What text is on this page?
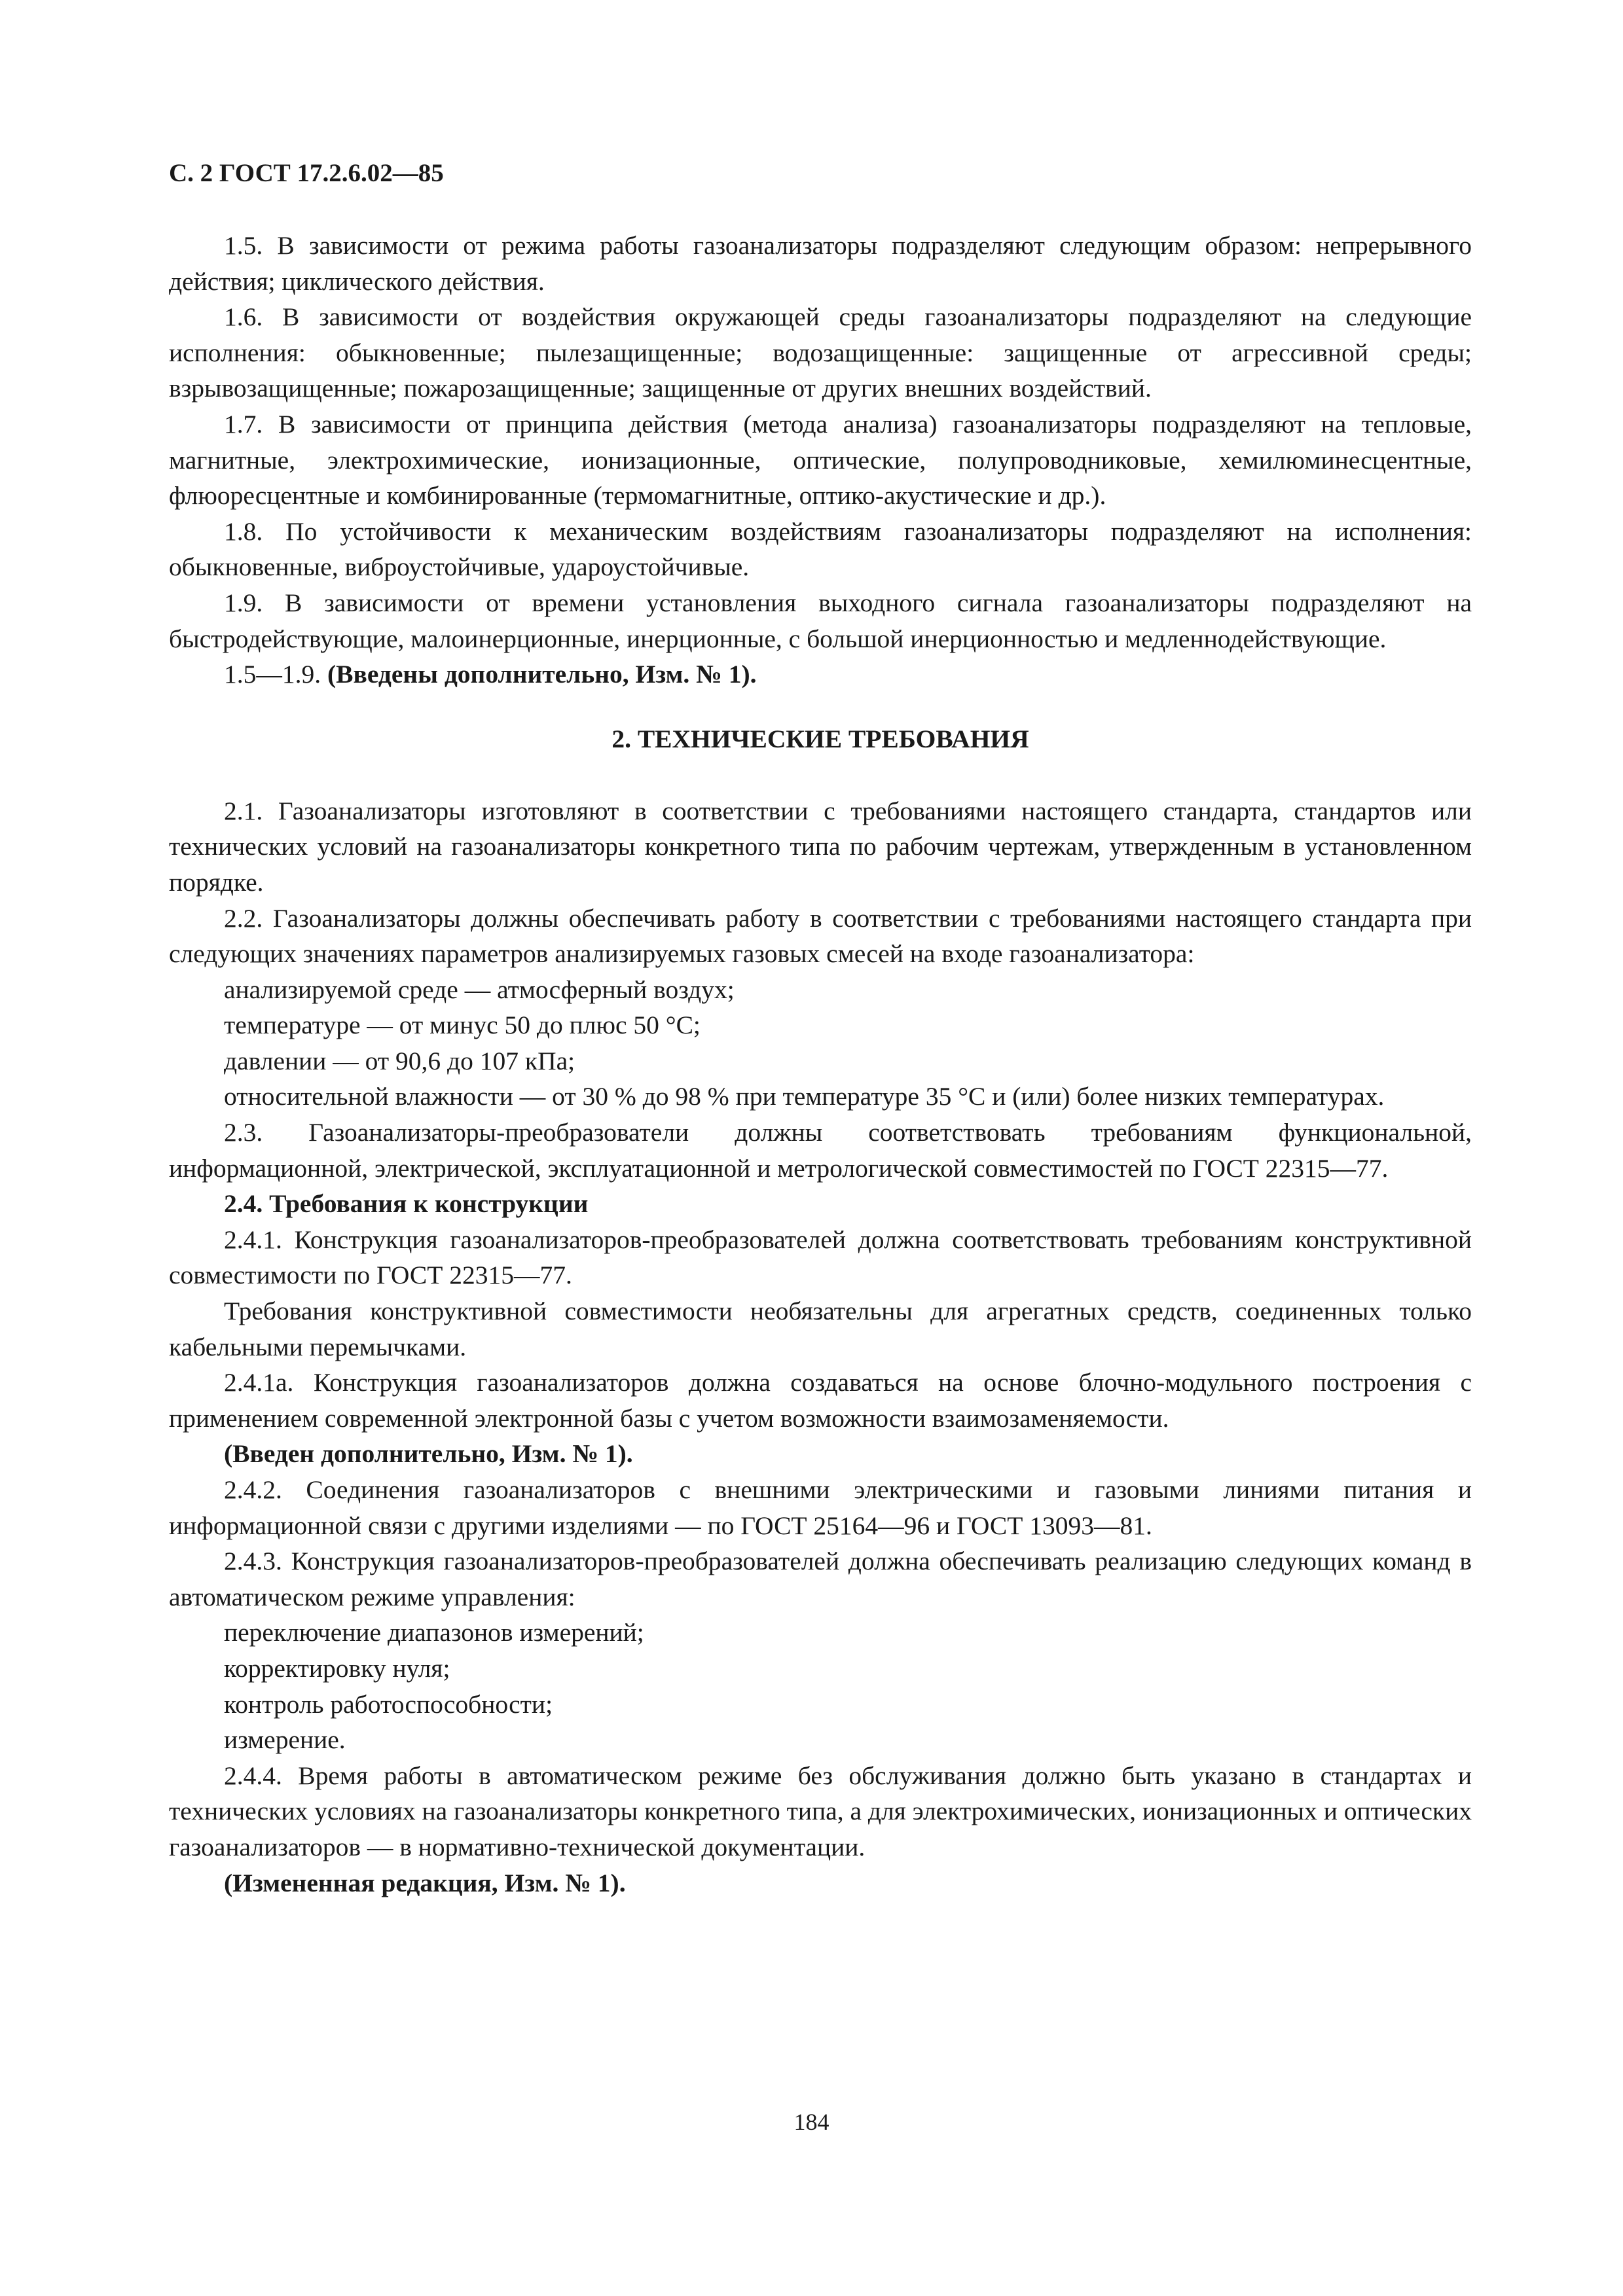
С. 2 ГОСТ 17.2.6.02—85

1.5. В зависимости от режима работы газоанализаторы подразделяют следующим образом: непрерывного действия; циклического действия.

1.6. В зависимости от воздействия окружающей среды газоанализаторы подразделяют на следующие исполнения: обыкновенные; пылезащищенные; водозащищенные: защищенные от агрессивной среды; взрывозащищенные; пожарозащищенные; защищенные от других внешних воздействий.

1.7. В зависимости от принципа действия (метода анализа) газоанализаторы подразделяют на тепловые, магнитные, электрохимические, ионизационные, оптические, полупроводниковые, хемилюминесцентные, флюоресцентные и комбинированные (термомагнитные, оптико-акустические и др.).

1.8. По устойчивости к механическим воздействиям газоанализаторы подразделяют на исполнения: обыкновенные, виброустойчивые, удароустойчивые.

1.9. В зависимости от времени установления выходного сигнала газоанализаторы подразделяют на быстродействующие, малоинерционные, инерционные, с большой инерционностью и медленнодействующие.

1.5—1.9. (Введены дополнительно, Изм. № 1).

2. ТЕХНИЧЕСКИЕ ТРЕБОВАНИЯ

2.1. Газоанализаторы изготовляют в соответствии с требованиями настоящего стандарта, стандартов или технических условий на газоанализаторы конкретного типа по рабочим чертежам, утвержденным в установленном порядке.

2.2. Газоанализаторы должны обеспечивать работу в соответствии с требованиями настоящего стандарта при следующих значениях параметров анализируемых газовых смесей на входе газоанализатора:

анализируемой среде — атмосферный воздух;

температуре — от минус 50 до плюс 50 °С;

давлении — от 90,6 до 107 кПа;

относительной влажности — от 30 % до 98 % при температуре 35 °С и (или) более низких температурах.

2.3. Газоанализаторы-преобразователи должны соответствовать требованиям функциональной, информационной, электрической, эксплуатационной и метрологической совместимостей по ГОСТ 22315—77.

2.4. Требования к конструкции

2.4.1. Конструкция газоанализаторов-преобразователей должна соответствовать требованиям конструктивной совместимости по ГОСТ 22315—77.

Требования конструктивной совместимости необязательны для агрегатных средств, соединенных только кабельными перемычками.

2.4.1а. Конструкция газоанализаторов должна создаваться на основе блочно-модульного построения с применением современной электронной базы с учетом возможности взаимозаменяемости.

(Введен дополнительно, Изм. № 1).

2.4.2. Соединения газоанализаторов с внешними электрическими и газовыми линиями питания и информационной связи с другими изделиями — по ГОСТ 25164—96 и ГОСТ 13093—81.

2.4.3. Конструкция газоанализаторов-преобразователей должна обеспечивать реализацию следующих команд в автоматическом режиме управления:

переключение диапазонов измерений;

корректировку нуля;

контроль работоспособности;

измерение.

2.4.4. Время работы в автоматическом режиме без обслуживания должно быть указано в стандартах и технических условиях на газоанализаторы конкретного типа, а для электрохимических, ионизационных и оптических газоанализаторов — в нормативно-технической документации.

(Измененная редакция, Изм. № 1).

184
